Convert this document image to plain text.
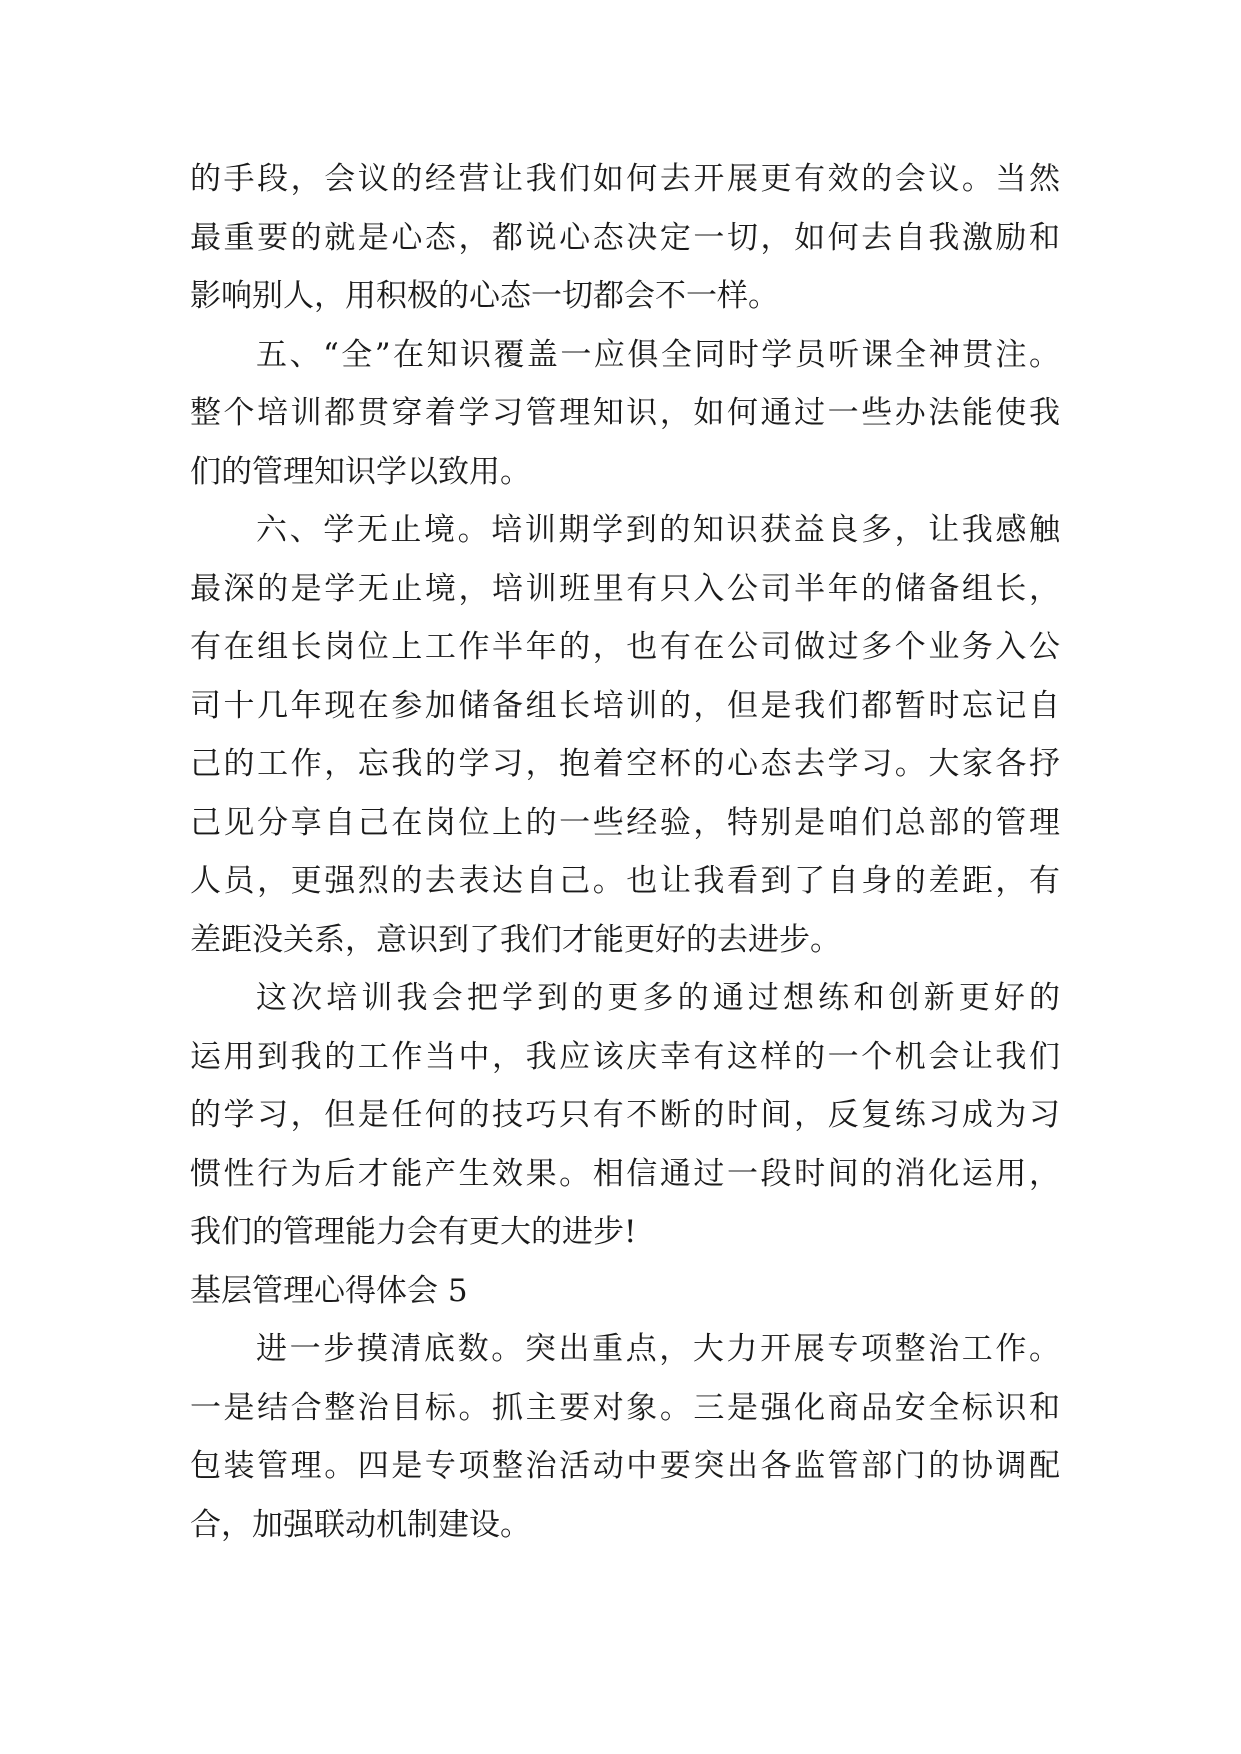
的手段，会议的经营让我们如何去开展更有效的会议。当然
最重要的就是心态，都说心态决定一切，如何去自我激励和
影响别人，用积极的心态一切都会不一样。
五、“全”在知识覆盖一应俱全同时学员听课全神贯注。
整个培训都贯穿着学习管理知识，如何通过一些办法能使我
们的管理知识学以致用。
六、学无止境。培训期学到的知识获益良多，让我感触
最深的是学无止境，培训班里有只入公司半年的储备组长，
有在组长岗位上工作半年的，也有在公司做过多个业务入公
司十几年现在参加储备组长培训的，但是我们都暂时忘记自
己的工作，忘我的学习，抱着空杯的心态去学习。大家各抒
己见分享自己在岗位上的一些经验，特别是咱们总部的管理
人员，更强烈的去表达自己。也让我看到了自身的差距，有
差距没关系，意识到了我们才能更好的去进步。
这次培训我会把学到的更多的通过想练和创新更好的
运用到我的工作当中，我应该庆幸有这样的一个机会让我们
的学习，但是任何的技巧只有不断的时间，反复练习成为习
惯性行为后才能产生效果。相信通过一段时间的消化运用，
我们的管理能力会有更大的进步!
基层管理心得体会 5
进一步摸清底数。突出重点，大力开展专项整治工作。
一是结合整治目标。抓主要对象。三是强化商品安全标识和
包装管理。四是专项整治活动中要突出各监管部门的协调配
合，加强联动机制建设。
